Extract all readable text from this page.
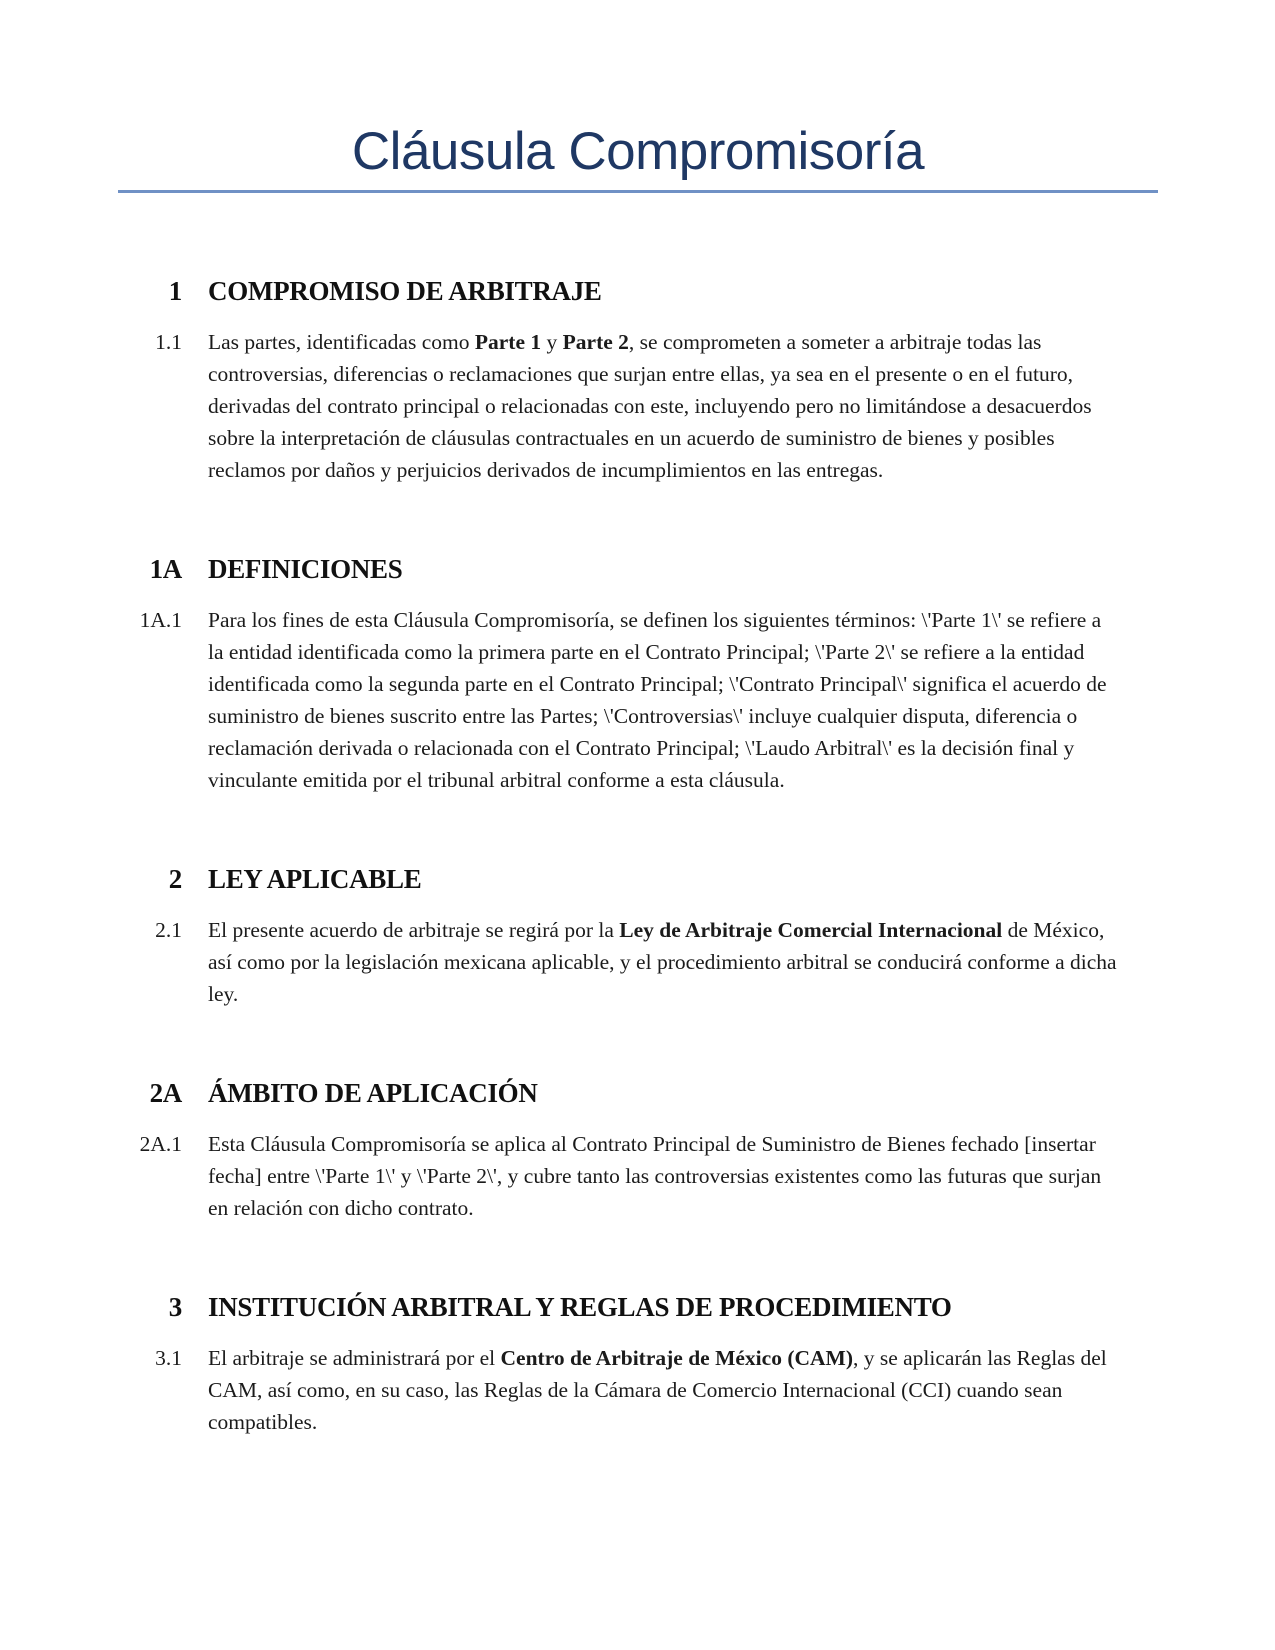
Cláusula Compromisoría
1 COMPROMISO DE ARBITRAJE
1.1 Las partes, identificadas como Parte 1 y Parte 2, se comprometen a someter a arbitraje todas las controversias, diferencias o reclamaciones que surjan entre ellas, ya sea en el presente o en el futuro, derivadas del contrato principal o relacionadas con este, incluyendo pero no limitándose a desacuerdos sobre la interpretación de cláusulas contractuales en un acuerdo de suministro de bienes y posibles reclamos por daños y perjuicios derivados de incumplimientos en las entregas.

1A DEFINICIONES
1A.1 Para los fines de esta Cláusula Compromisoría, se definen los siguientes términos: \'Parte 1\' se refiere a la entidad identificada como la primera parte en el Contrato Principal; \'Parte 2\' se refiere a la entidad identificada como la segunda parte en el Contrato Principal; \'Contrato Principal\' significa el acuerdo de suministro de bienes suscrito entre las Partes; \'Controversias\' incluye cualquier disputa, diferencia o reclamación derivada o relacionada con el Contrato Principal; \'Laudo Arbitral\' es la decisión final y vinculante emitida por el tribunal arbitral conforme a esta cláusula.

2 LEY APLICABLE
2.1 El presente acuerdo de arbitraje se regirá por la Ley de Arbitraje Comercial Internacional de México, así como por la legislación mexicana aplicable, y el procedimiento arbitral se conducirá conforme a dicha ley.

2A ÁMBITO DE APLICACIÓN
2A.1 Esta Cláusula Compromisoría se aplica al Contrato Principal de Suministro de Bienes fechado [insertar fecha] entre \'Parte 1\' y \'Parte 2\', y cubre tanto las controversias existentes como las futuras que surjan en relación con dicho contrato.

3 INSTITUCIÓN ARBITRAL Y REGLAS DE PROCEDIMIENTO
3.1 El arbitraje se administrará por el Centro de Arbitraje de México (CAM), y se aplicarán las Reglas del CAM, así como, en su caso, las Reglas de la Cámara de Comercio Internacional (CCI) cuando sean compatibles.
